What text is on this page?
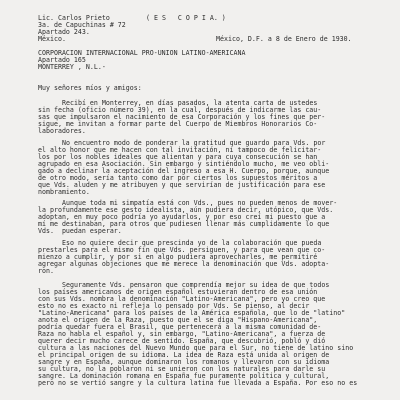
Lic. Carlos Prieto	( E S   C O P I A. )
3a. de Capuchinas # 72
Apartado 243.
México.	México, D.F. a 8 de Enero de 1930.
CORPORACION INTERNACIONAL PRO-UNION LATINO-AMERICANA
Apartado 165
MONTERREY , N.L.-
Muy señores míos y amigos:
Recibí en Monterrey, en días pasados, la atenta carta de ustedes
sin fecha (oficio número 39), en la cual, después de indicarme las cau-
sas que impulsaron el nacimiento de esa Corporación y los fines que per-
sigue, me invitan a formar parte del Cuerpo de Miembros Honorarios Co-
laboradores.
No encuentro modo de ponderar la gratitud que guardo para Vds. por
el alto honor que me hacen con tal invitación, ni tampoco de felicitar-
los por los nobles ideales que alientan y para cuya consecución se han
agrupado en esa Asociación. Sin embargo y sintiéndolo mucho, me veo obli-
gado a declinar la aceptación del ingreso a esa H. Cuerpo, porque, aunque
de otro modo, sería tanto como dar por ciertos los supuestos méritos a
que Vds. aluden y me atribuyen y que servirían de justificación para ese
nombramiento.
Aunque toda mi simpatía está con Vds., pues no pueden menos de mover-
la profundamente ese gesto idealista, aún pudiera decir, utópico, que Vds.
adoptan, en muy poco podría yo ayudarlos, y por eso creí mi puesto que a
mí me destinaban, para otros que pudiesen llenar más cumplidamente lo que
Vds.  puedan esperar.
Eso no quiere decir que prescinda yo de la colaboración que pueda
prestarles para el mismo fin que Vds. persiguen, y para que vean que co-
mienzo a cumplir, y por si en algo pudiera aprovecharles, me permitiré
agregar algunas objeciones que me merece la denominación que Vds. adopta-
ron.
Seguramente Vds. pensaron que comprendía mejor su idea de que todos
los países americanos de origen español estuvieran dentro de esa unión
con sus Vds. nombra la denominación "Latino-Americana", pero yo creo que
esto no es exacto ni refleja lo pensado por Vds. Se pienso, al decir
"Latino-Americana" para los países de la América española, que lo de "latino"
anota el origen de la Raza, puesto que el se diga "Hispano-Americana",
podría quedar fuera el Brasil, que pertenecerá a la misma comunidad de-
Raza no habla el español y, sin embargo, "Latino-Americana", a fuerza de
querer decir mucho carece de sentido. España, que descubrió, pobló y dió
cultura a las naciones del Nuevo Mundo que para el Sur, no tiene de latino sino
el principal origen de su idioma. La idea de Raza está unida al origen de
sangre y en España, aunque dominaron los romanos y llevaron con su idioma
su cultura, no la poblaron ni se unieron con los naturales para darle su
sangre. La dominación romana en España fue puramente política y cultural,
pero no se vertió sangre y la cultura latina fue llevada a España. Por eso no es
